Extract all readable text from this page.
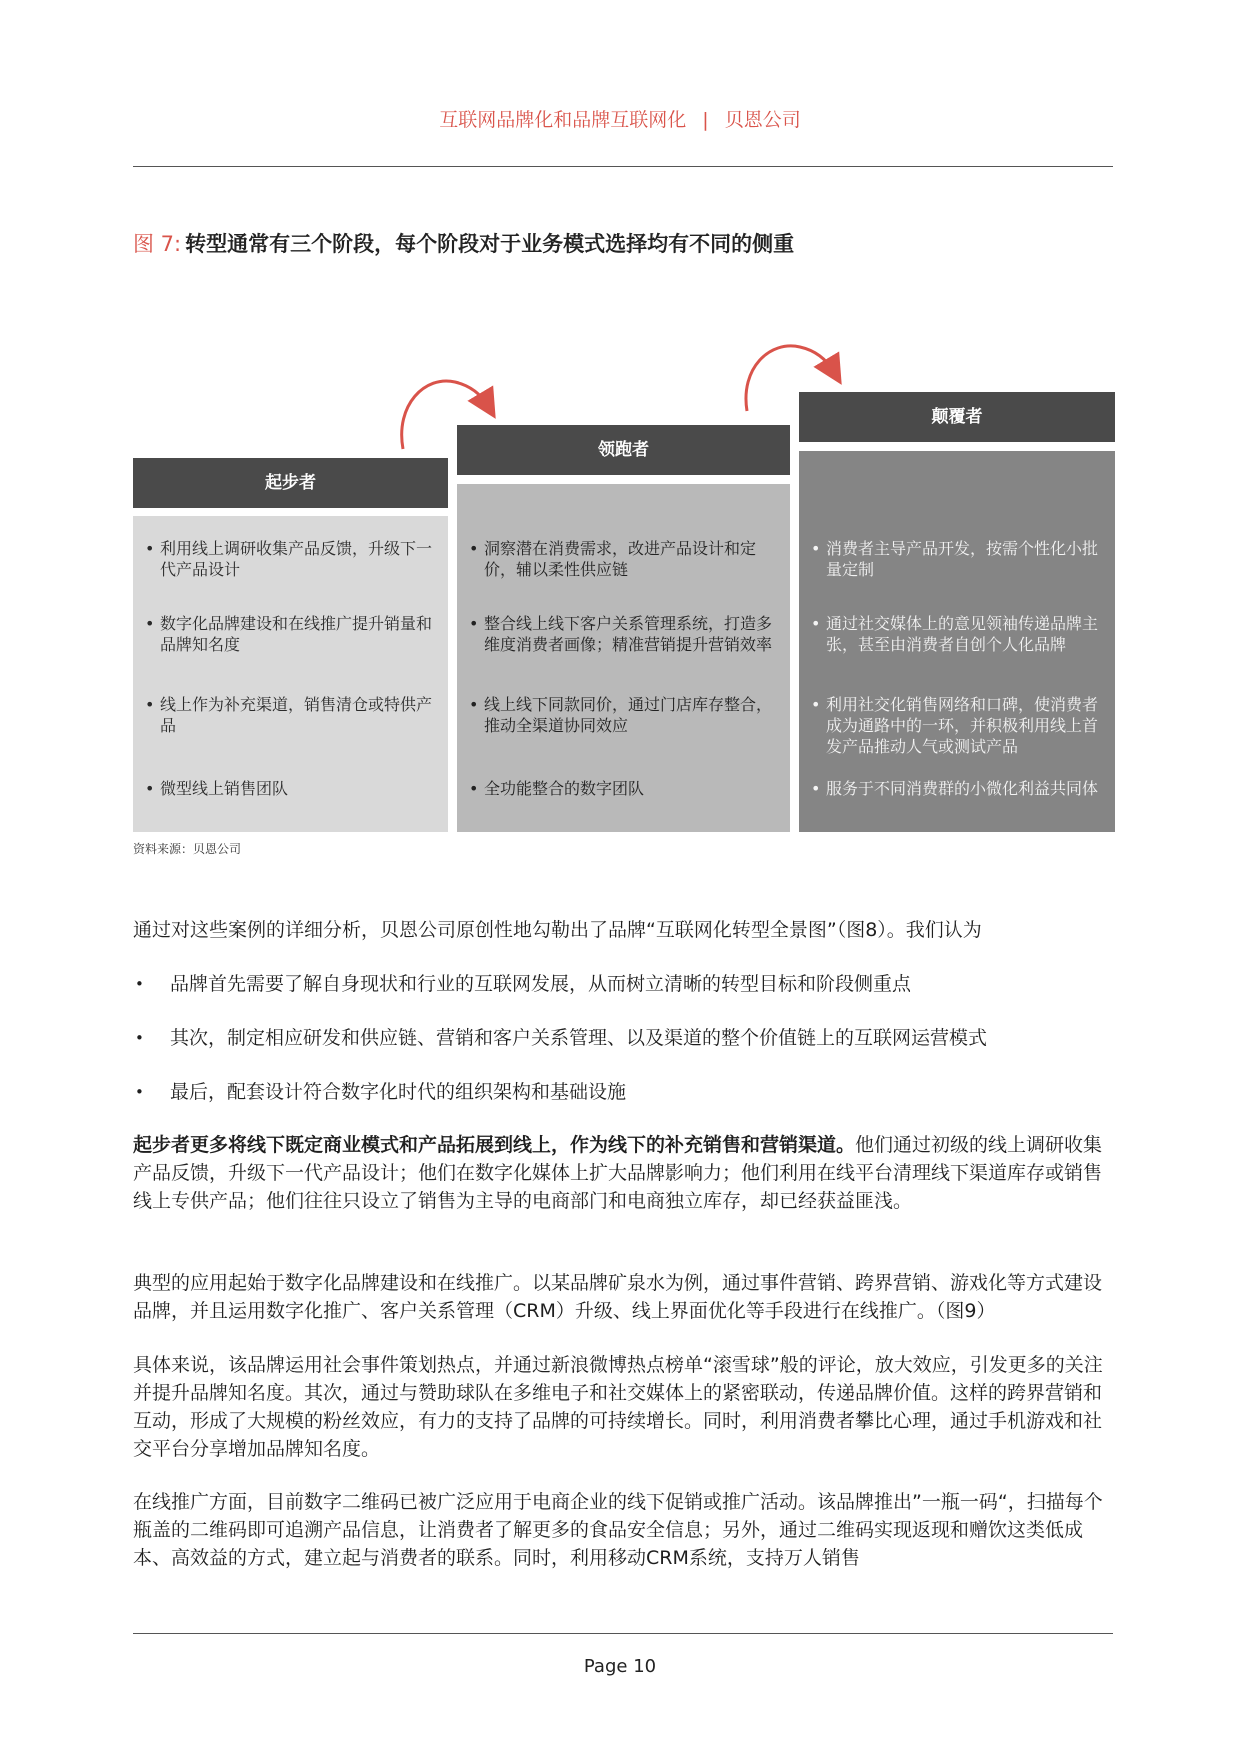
互联网品牌化和品牌互联网化 | 贝恩公司
图 7: 转型通常有三个阶段，每个阶段对于业务模式选择均有不同的侧重
起步者
• 利用线上调研收集产品反馈，升级下一代产品设计
• 数字化品牌建设和在线推广提升销量和品牌知名度
• 线上作为补充渠道，销售清仓或特供产品
• 微型线上销售团队
领跑者
• 洞察潜在消费需求，改进产品设计和定价，辅以柔性供应链
• 整合线上线下客户关系管理系统，打造多维度消费者画像；精准营销提升营销效率
• 线上线下同款同价，通过门店库存整合，推动全渠道协同效应
• 全功能整合的数字团队
颠覆者
• 消费者主导产品开发，按需个性化小批量定制
• 通过社交媒体上的意见领袖传递品牌主张，甚至由消费者自创个人化品牌
• 利用社交化销售网络和口碑，使消费者成为通路中的一环，并积极利用线上首发产品推动人气或测试产品
• 服务于不同消费群的小微化利益共同体
资料来源：贝恩公司

通过对这些案例的详细分析，贝恩公司原创性地勾勒出了品牌“互联网化转型全景图”（图8）。我们认为

• 品牌首先需要了解自身现状和行业的互联网发展，从而树立清晰的转型目标和阶段侧重点
• 其次，制定相应研发和供应链、营销和客户关系管理、以及渠道的整个价值链上的互联网运营模式
• 最后，配套设计符合数字化时代的组织架构和基础设施

起步者更多将线下既定商业模式和产品拓展到线上，作为线下的补充销售和营销渠道。他们通过初级的线上调研收集产品反馈，升级下一代产品设计；他们在数字化媒体上扩大品牌影响力；他们利用在线平台清理线下渠道库存或销售线上专供产品；他们往往只设立了销售为主导的电商部门和电商独立库存，却已经获益匪浅。

典型的应用起始于数字化品牌建设和在线推广。以某品牌矿泉水为例，通过事件营销、跨界营销、游戏化等方式建设品牌，并且运用数字化推广、客户关系管理（CRM）升级、线上界面优化等手段进行在线推广。（图9）

具体来说，该品牌运用社会事件策划热点，并通过新浪微博热点榜单“滚雪球”般的评论，放大效应，引发更多的关注并提升品牌知名度。其次，通过与赞助球队在多维电子和社交媒体上的紧密联动，传递品牌价值。这样的跨界营销和互动，形成了大规模的粉丝效应，有力的支持了品牌的可持续增长。同时，利用消费者攀比心理，通过手机游戏和社交平台分享增加品牌知名度。

在线推广方面，目前数字二维码已被广泛应用于电商企业的线下促销或推广活动。该品牌推出”一瓶一码“，扫描每个瓶盖的二维码即可追溯产品信息，让消费者了解更多的食品安全信息；另外，通过二维码实现返现和赠饮这类低成本、高效益的方式，建立起与消费者的联系。同时，利用移动CRM系统，支持万人销售

Page 10
